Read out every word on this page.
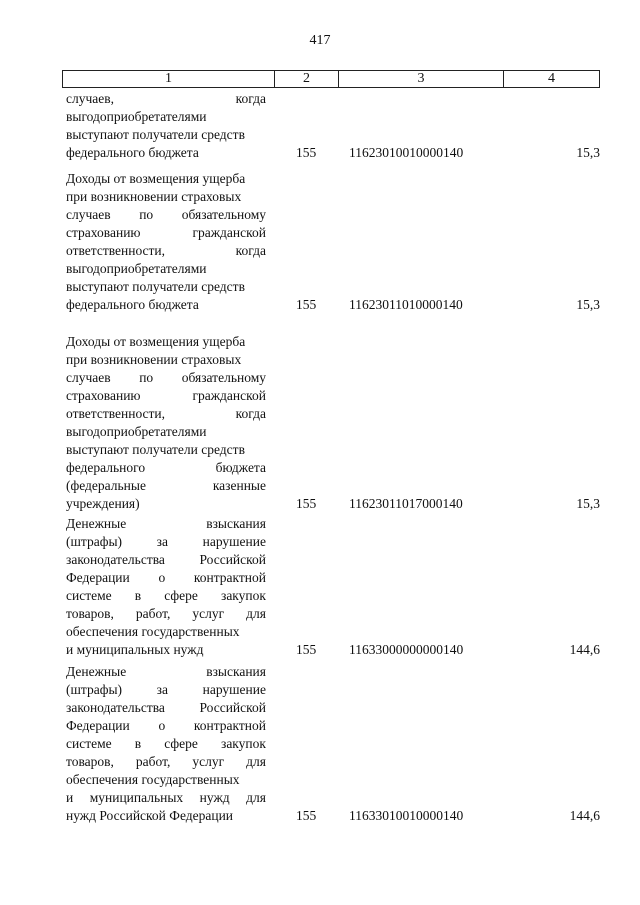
417
1	2	3	4
случаев,	когда
выгодоприобретателями
выступают получатели средств
федерального бюджета	155 11623010010000140	15,3
Доходы от возмещения ущерба
при возникновении страховых
случаев по обязательному
страхованию	гражданской
ответственности,	когда
выгодоприобретателями
выступают получатели средств
федерального бюджета	155 11623011010000140	15,3
Доходы от возмещения ущерба
при возникновении страховых
случаев по обязательному
страхованию	гражданской
ответственности,	когда
выгодоприобретателями
выступают получатели средств
федерального	бюджета
(федеральные	казенные
учреждения)	155 11623011017000140	15,3
Денежные	взыскания
(штрафы)	за	нарушение
законодательства	Российской
Федерации о контрактной
системе в сфере закупок
товаров, работ, услуг для
обеспечения государственных
и муниципальных нужд	155 11633000000000140	144,6
Денежные	взыскания
(штрафы)	за	нарушение
законодательства	Российской
Федерации о контрактной
системе в сфере закупок
товаров, работ, услуг для
обеспечения государственных
и муниципальных нужд для
нужд Российской Федерации	155 11633010010000140	144,6
